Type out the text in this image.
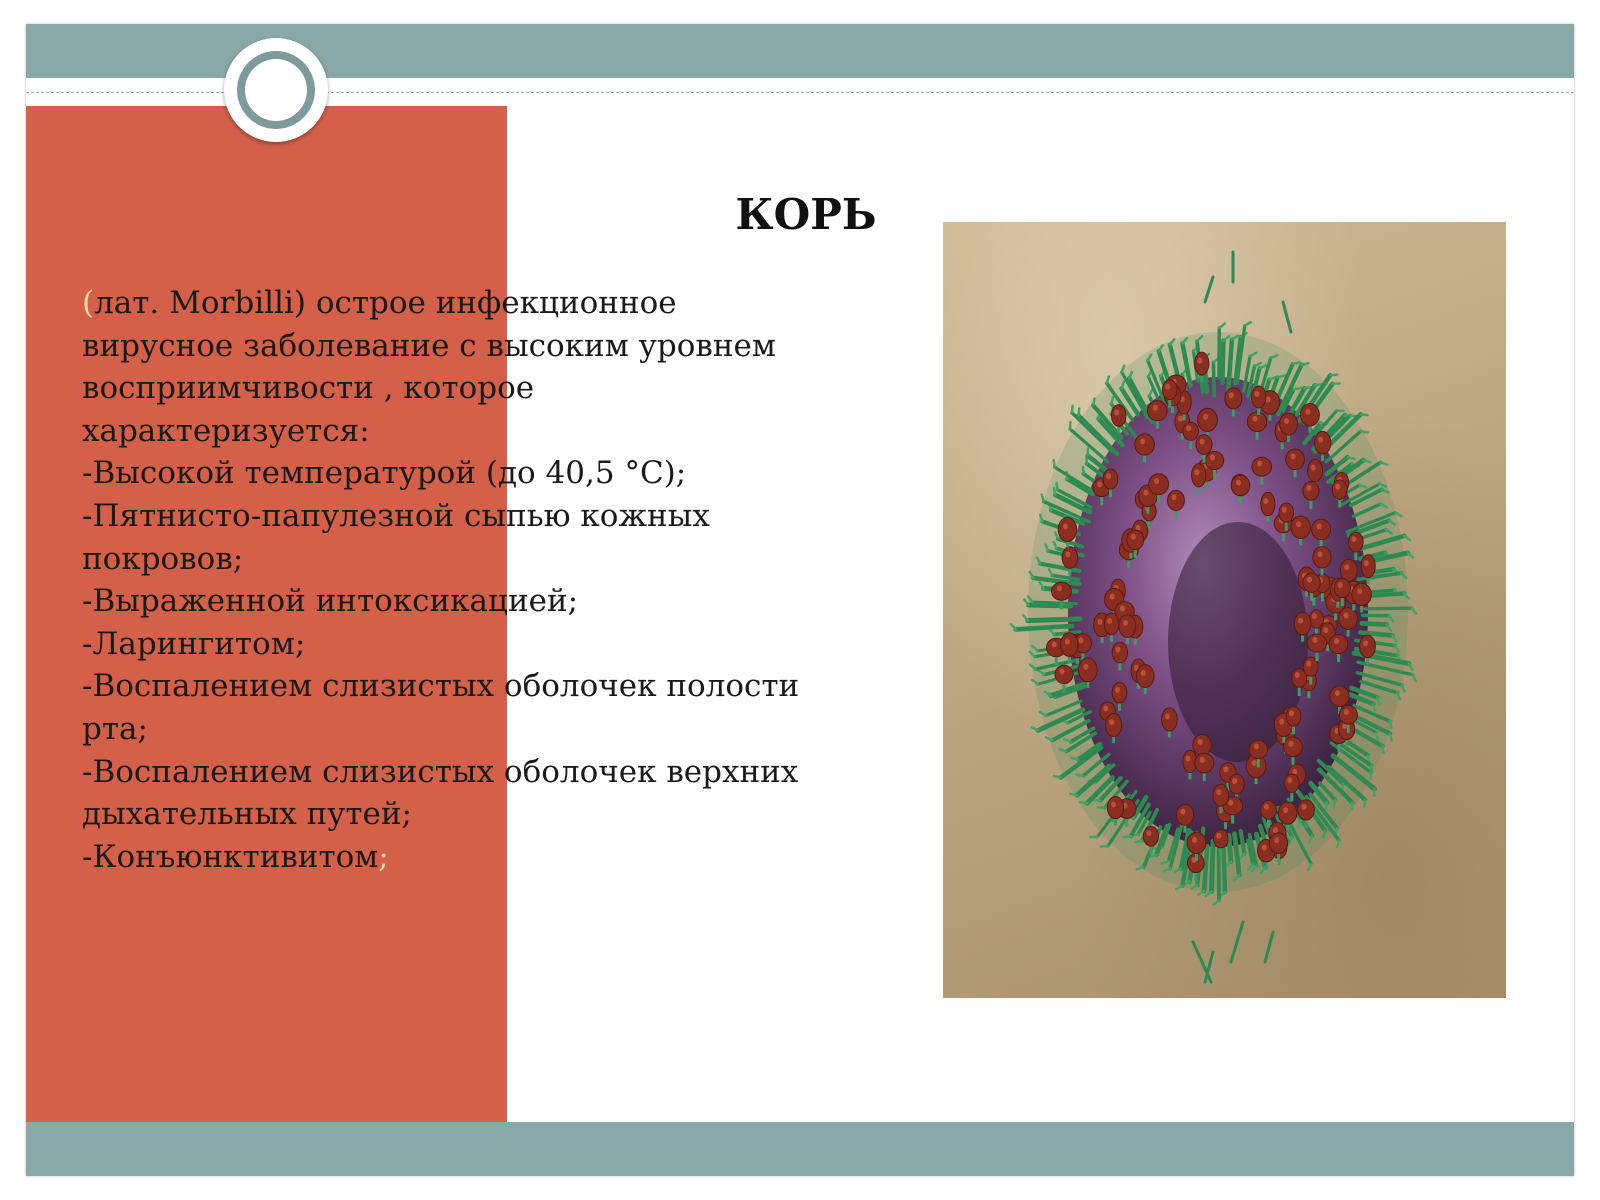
КОРЬ
(лат. Morbilli) острое инфекционное
вирусное заболевание с высоким уровнем
восприимчивости , которое
характеризуется:
-Высокой температурой (до 40,5 °C);
-Пятнисто-папулезной сыпью кожных
покровов;
-Выраженной интоксикацией;
-Ларингитом;
-Воспалением слизистых оболочек полости
рта;
-Воспалением слизистых оболочек верхних
дыхательных путей;
-Конъюнктивитом;
